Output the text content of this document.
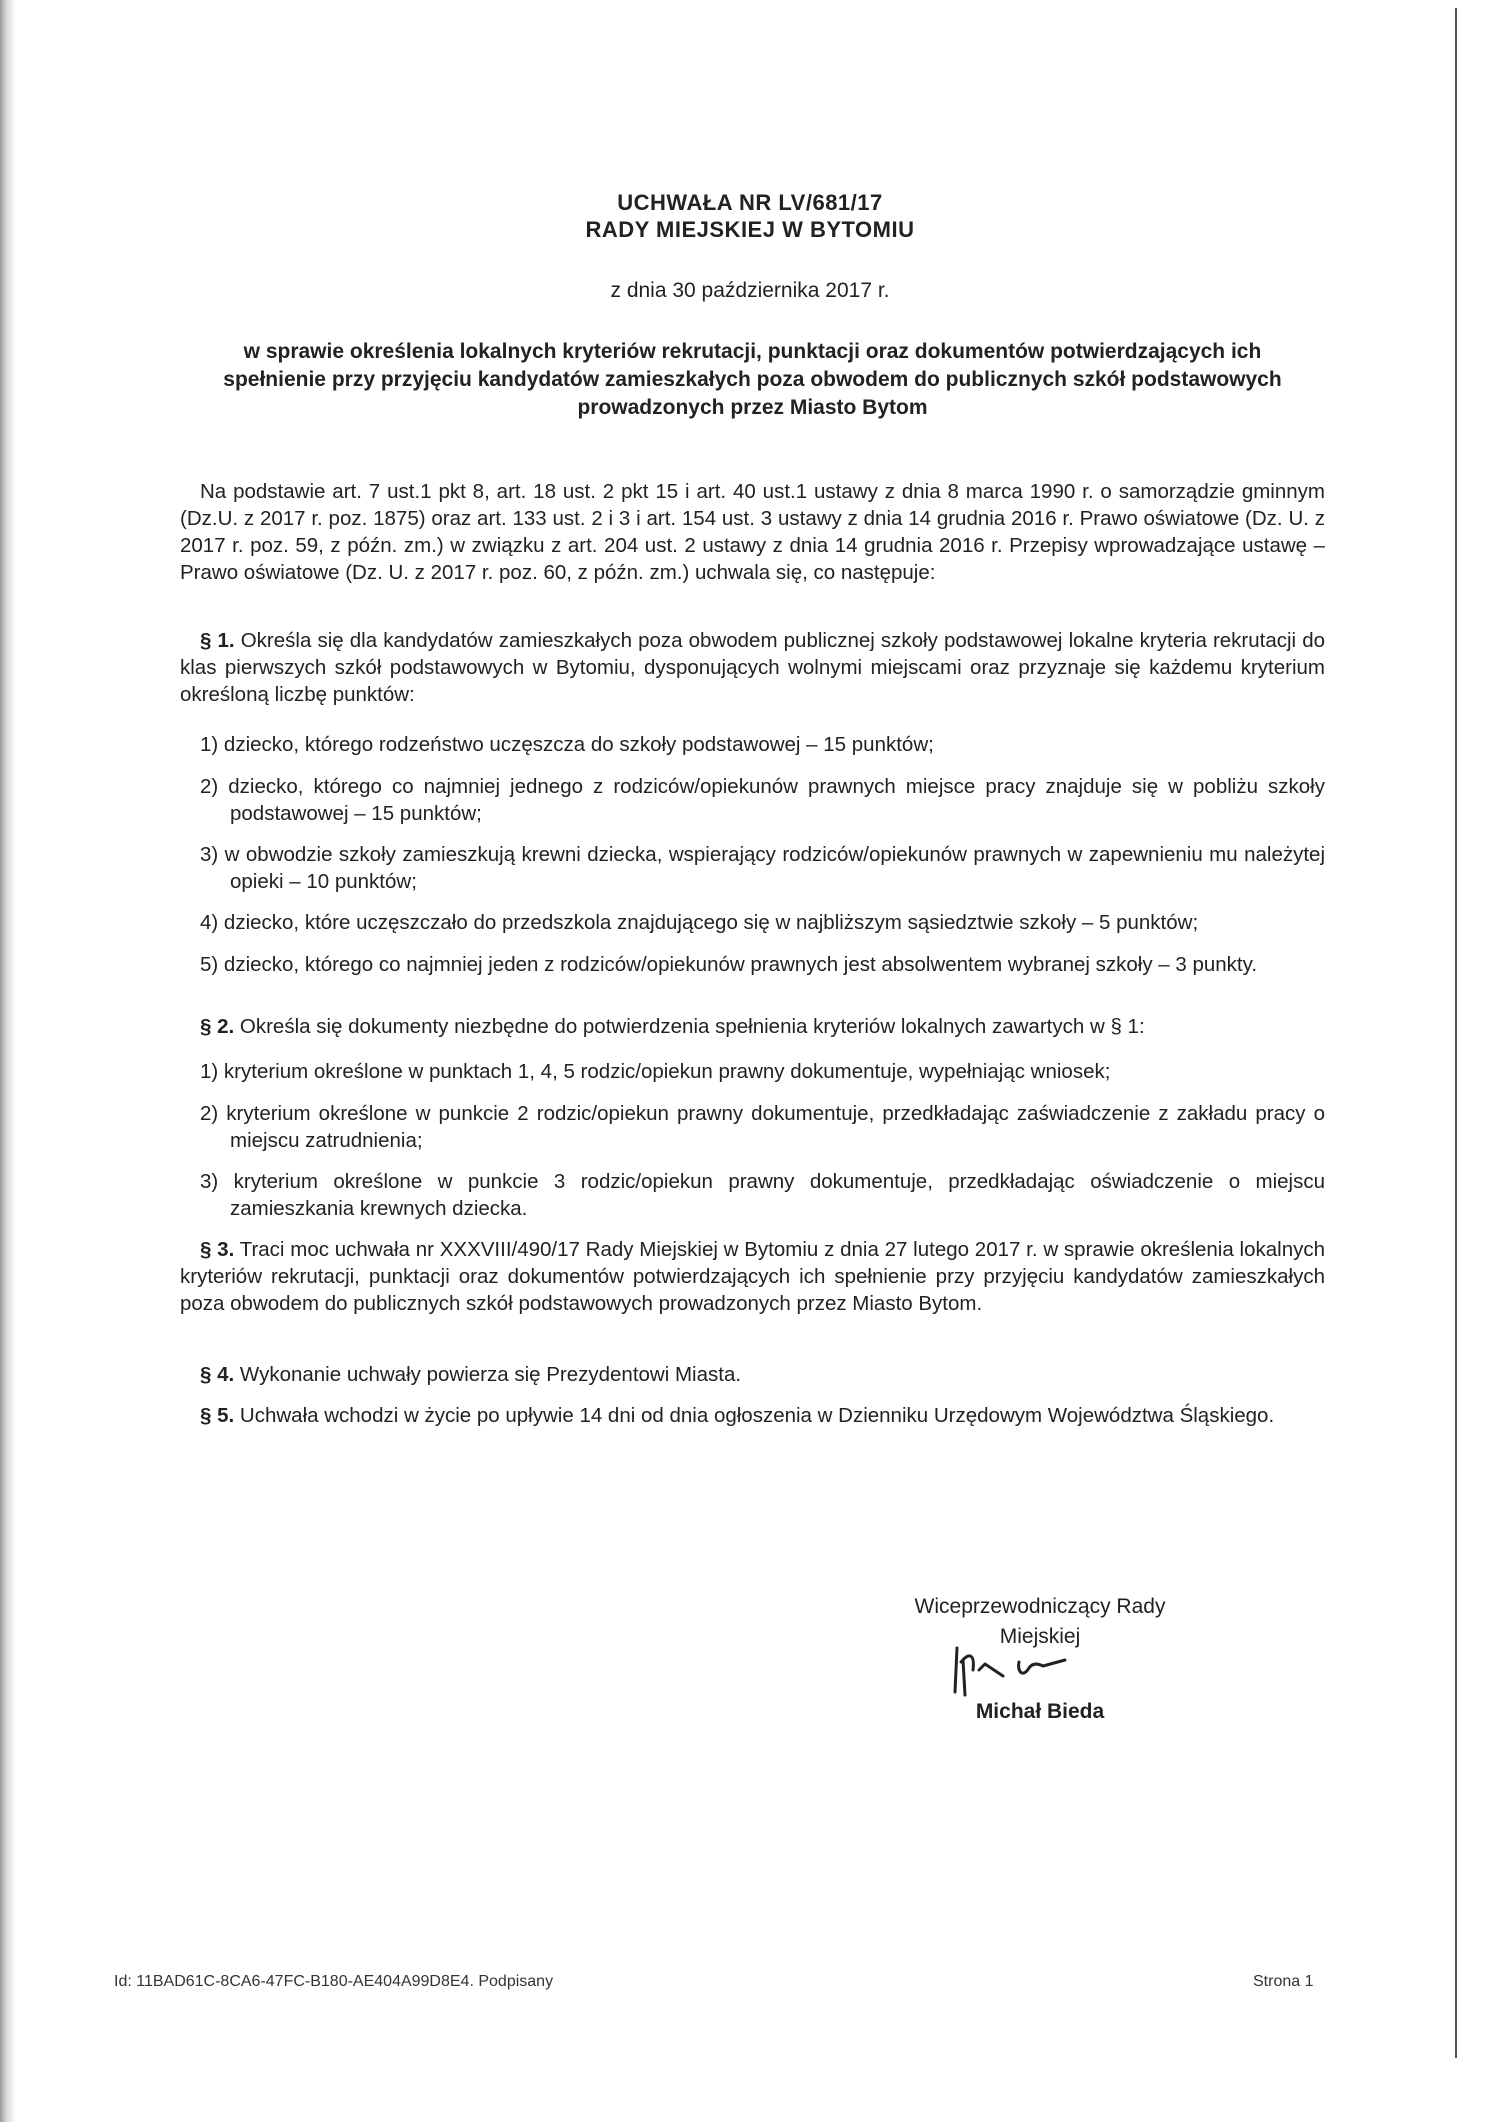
UCHWAŁA NR LV/681/17
RADY MIEJSKIEJ W BYTOMIU
z dnia 30 października 2017 r.
w sprawie określenia lokalnych kryteriów rekrutacji, punktacji oraz dokumentów potwierdzających ich spełnienie przy przyjęciu kandydatów zamieszkałych poza obwodem do publicznych szkół podstawowych prowadzonych przez Miasto Bytom
Na podstawie art. 7 ust.1 pkt 8, art. 18 ust. 2 pkt 15 i art. 40 ust.1 ustawy z dnia 8 marca 1990 r. o samorządzie gminnym (Dz.U. z 2017 r. poz. 1875) oraz art. 133 ust. 2 i 3 i art. 154 ust. 3 ustawy z dnia 14 grudnia 2016 r. Prawo oświatowe (Dz. U. z 2017 r. poz. 59, z późn. zm.) w związku z art. 204 ust. 2 ustawy z dnia 14 grudnia 2016 r. Przepisy wprowadzające ustawę – Prawo oświatowe (Dz. U. z 2017 r. poz. 60, z późn. zm.) uchwala się, co następuje:
§ 1. Określa się dla kandydatów zamieszkałych poza obwodem publicznej szkoły podstawowej lokalne kryteria rekrutacji do klas pierwszych szkół podstawowych w Bytomiu, dysponujących wolnymi miejscami oraz przyznaje się każdemu kryterium określoną liczbę punktów:
1) dziecko, którego rodzeństwo uczęszcza do szkoły podstawowej – 15 punktów;
2) dziecko, którego co najmniej jednego z rodziców/opiekunów prawnych miejsce pracy znajduje się w pobliżu szkoły podstawowej – 15 punktów;
3) w obwodzie szkoły zamieszkują krewni dziecka, wspierający rodziców/opiekunów prawnych w zapewnieniu mu należytej opieki – 10 punktów;
4) dziecko, które uczęszczało do przedszkola znajdującego się w najbliższym sąsiedztwie szkoły – 5 punktów;
5) dziecko, którego co najmniej jeden z rodziców/opiekunów prawnych jest absolwentem wybranej szkoły – 3 punkty.
§ 2. Określa się dokumenty niezbędne do potwierdzenia spełnienia kryteriów lokalnych zawartych w § 1:
1) kryterium określone w punktach 1, 4, 5 rodzic/opiekun prawny dokumentuje, wypełniając wniosek;
2) kryterium określone w punkcie 2 rodzic/opiekun prawny dokumentuje, przedkładając zaświadczenie z zakładu pracy o miejscu zatrudnienia;
3) kryterium określone w punkcie 3 rodzic/opiekun prawny dokumentuje, przedkładając oświadczenie o miejscu zamieszkania krewnych dziecka.
§ 3. Traci moc uchwała nr XXXVIII/490/17 Rady Miejskiej w Bytomiu z dnia 27 lutego 2017 r. w sprawie określenia lokalnych kryteriów rekrutacji, punktacji oraz dokumentów potwierdzających ich spełnienie przy przyjęciu kandydatów zamieszkałych poza obwodem do publicznych szkół podstawowych prowadzonych przez Miasto Bytom.
§ 4. Wykonanie uchwały powierza się Prezydentowi Miasta.
§ 5. Uchwała wchodzi w życie po upływie 14 dni od dnia ogłoszenia w Dzienniku Urzędowym Województwa Śląskiego.
Wiceprzewodniczący Rady
Miejskiej
Michał Bieda
Id: 11BAD61C-8CA6-47FC-B180-AE404A99D8E4. Podpisany	Strona 1
